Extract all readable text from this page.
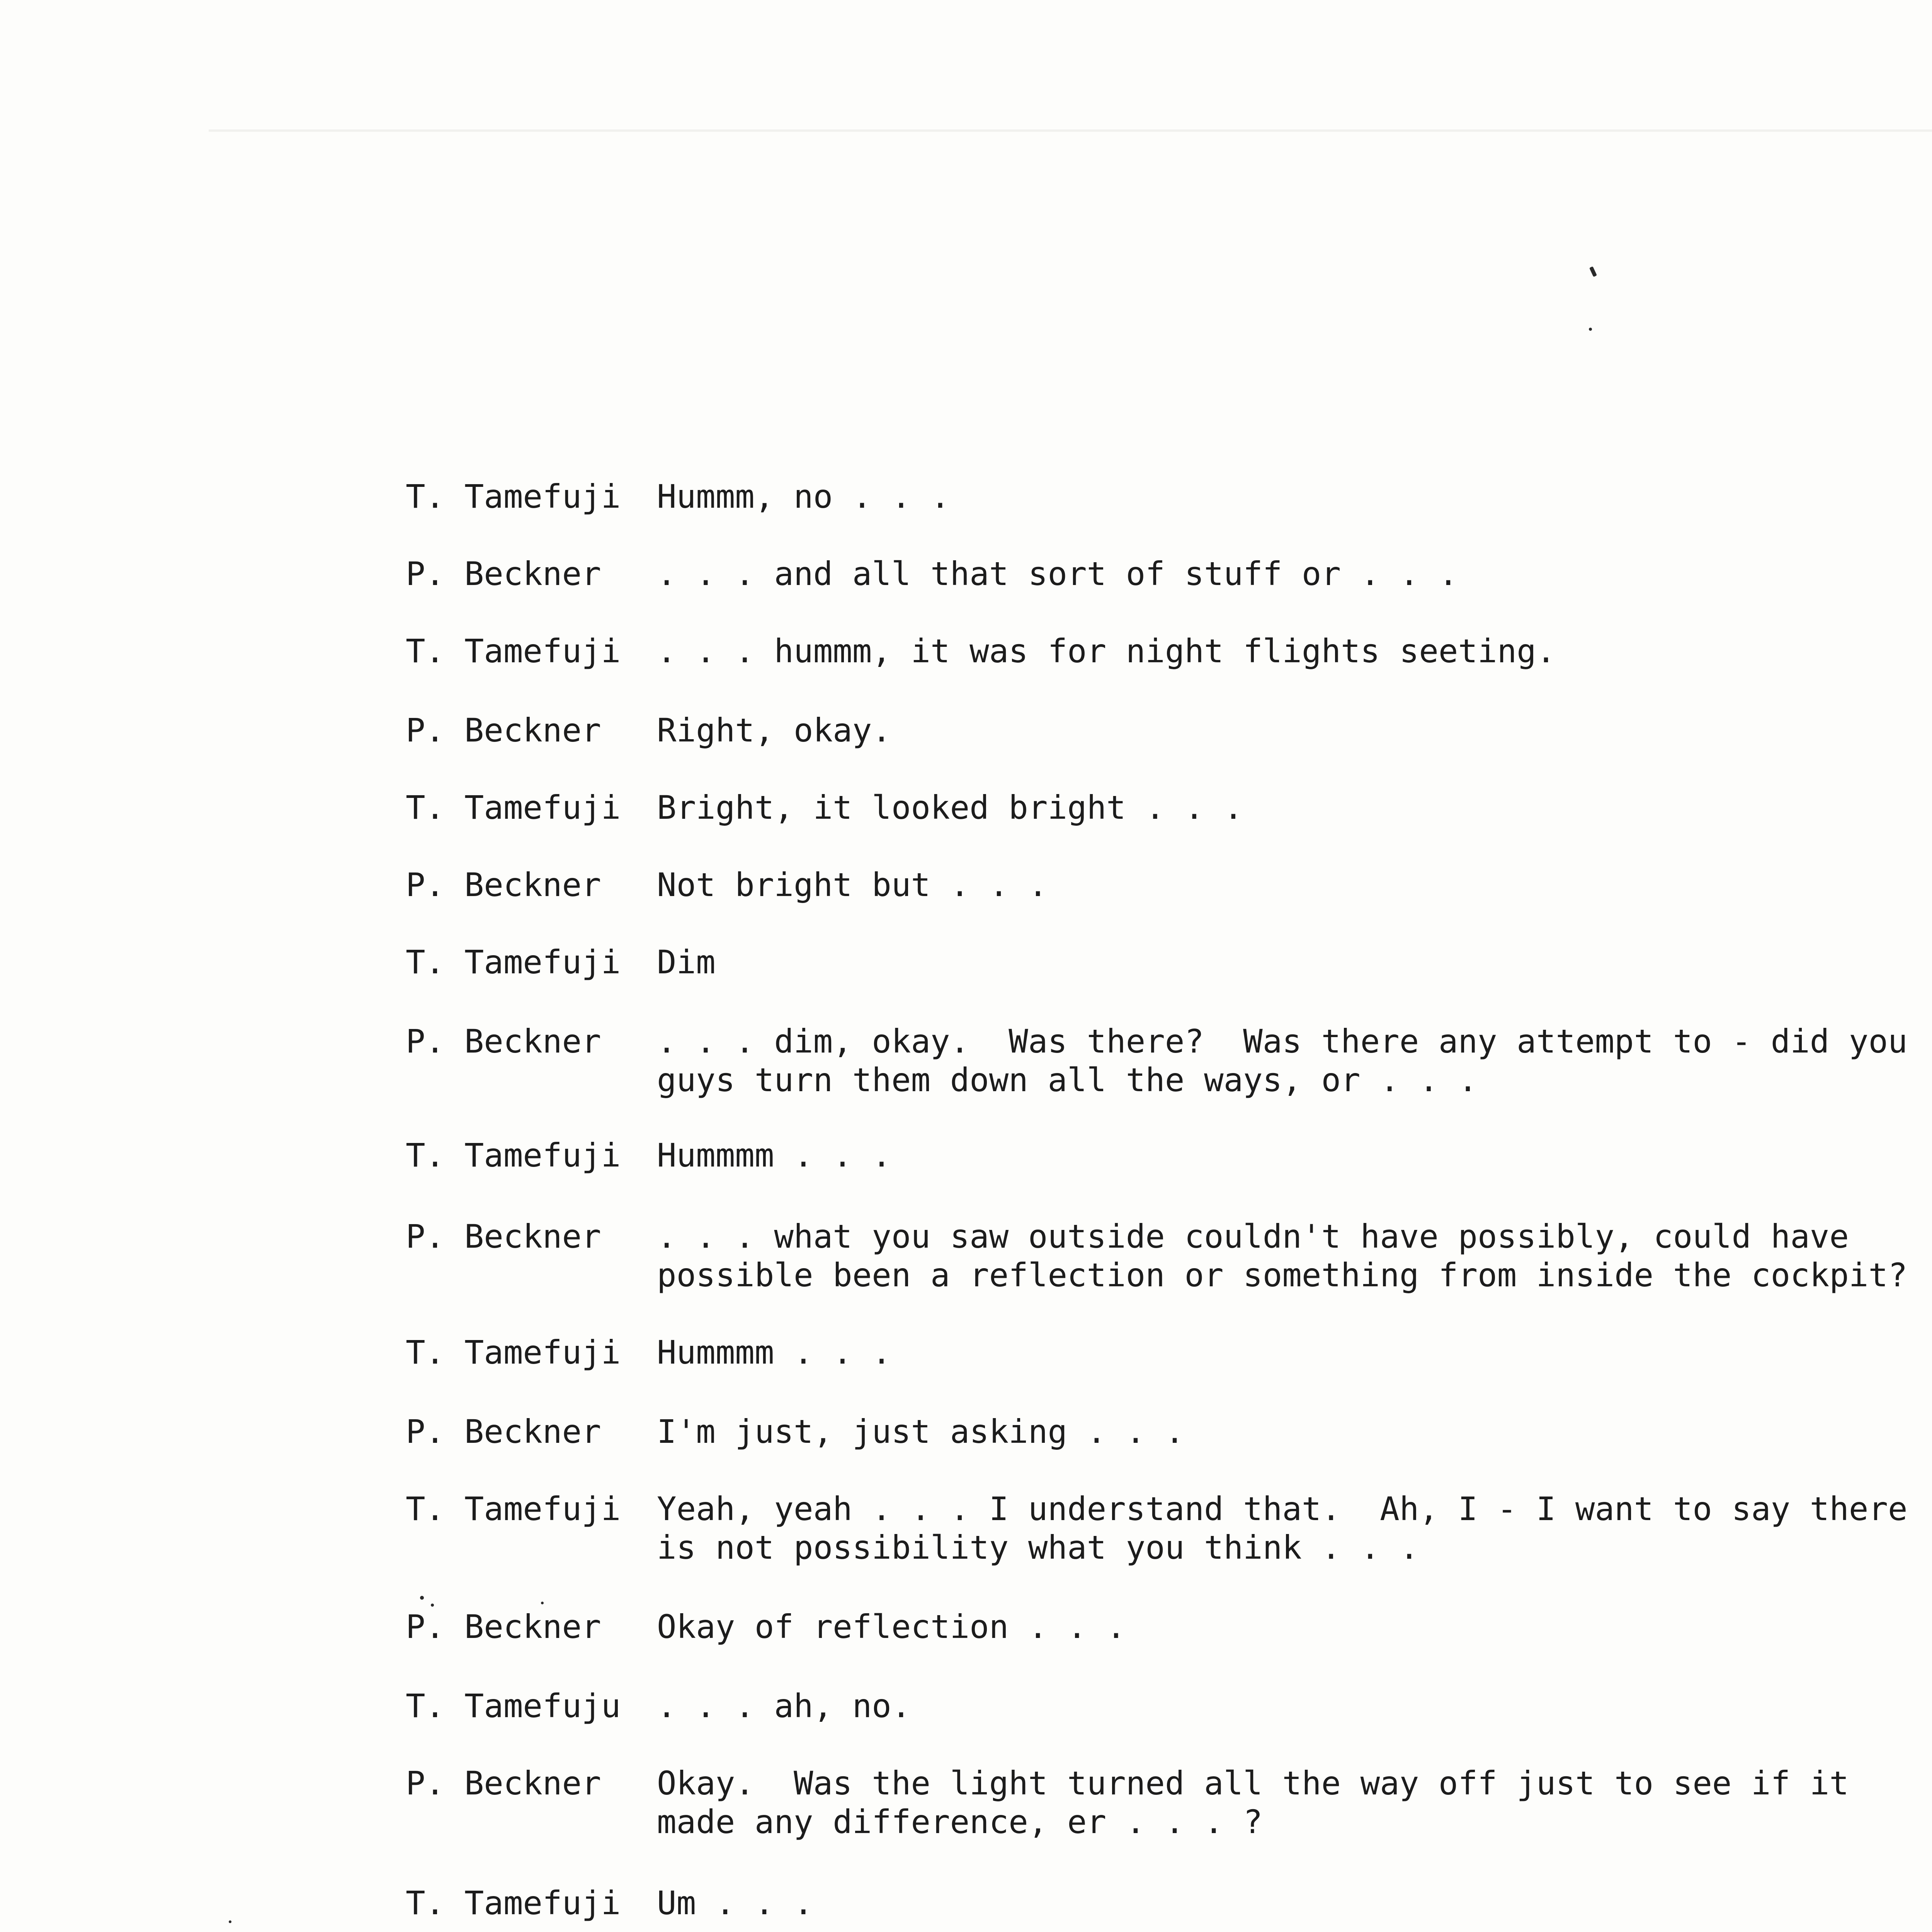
T. Tamefuji	Hummm, no . . .
P. Beckner	. . . and all that sort of stuff or . . .
T. Tamefuji	. . . hummm, it was for night flights seeting.
P. Beckner	Right, okay.
T. Tamefuji	Bright, it looked bright . . .
P. Beckner	Not bright but . . .
T. Tamefuji	Dim
P. Beckner	. . . dim, okay.  Was there?  Was there any attempt to - did you
guys turn them down all the ways, or . . .
T. Tamefuji	Hummmm . . .
P. Beckner	. . . what you saw outside couldn't have possibly, could have
possible been a reflection or something from inside the cockpit?
T. Tamefuji	Hummmm . . .
P. Beckner	I'm just, just asking . . .
T. Tamefuji	Yeah, yeah . . . I understand that.  Ah, I - I want to say there
is not possibility what you think . . .
P. Beckner	Okay of reflection . . .
T. Tamefuju	. . . ah, no.
P. Beckner	Okay.  Was the light turned all the way off just to see if it
made any difference, er . . . ?
T. Tamefuji	Um . . .
